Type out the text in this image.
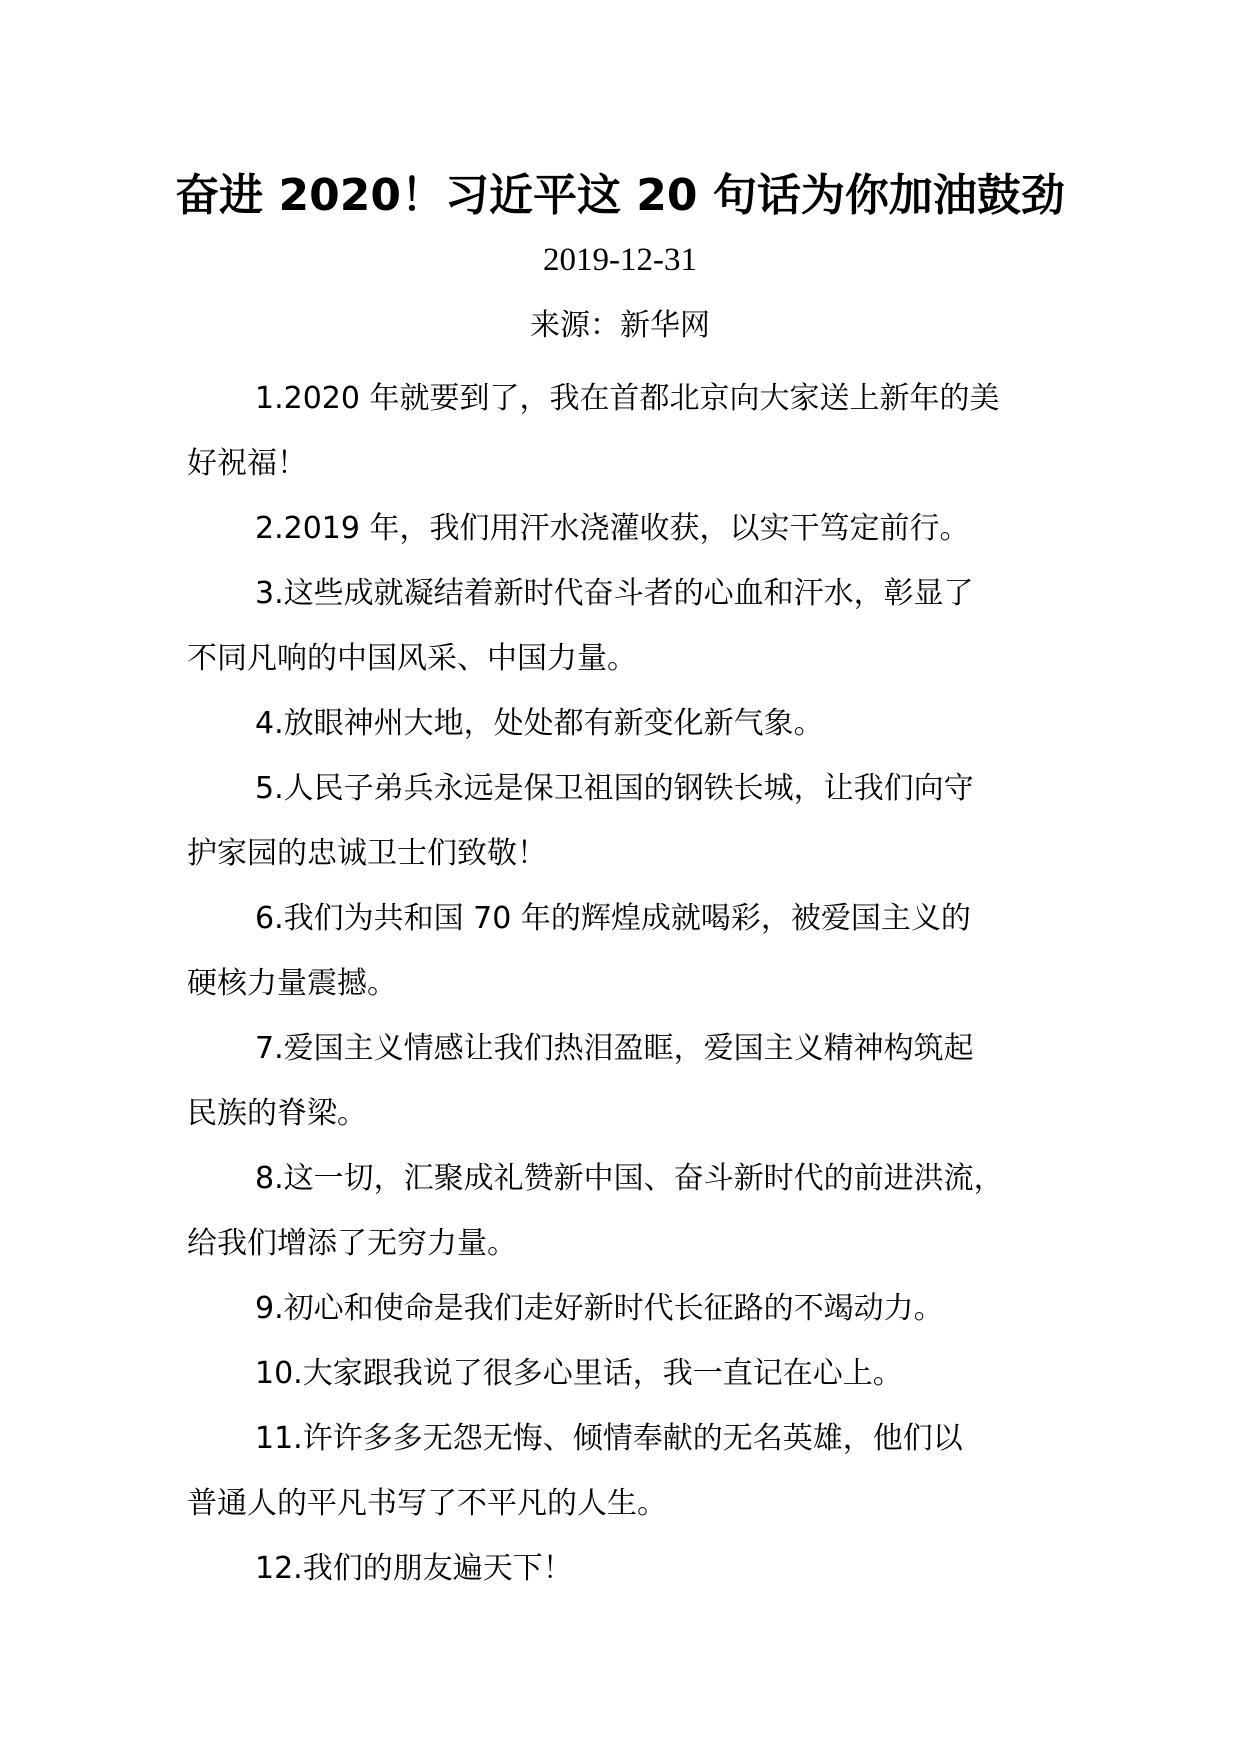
奋进 2020！习近平这 20 句话为你加油鼓劲
2019-12-31
来源：新华网

1.2020 年就要到了，我在首都北京向大家送上新年的美
好祝福！

2.2019 年，我们用汗水浇灌收获，以实干笃定前行。

3.这些成就凝结着新时代奋斗者的心血和汗水，彰显了
不同凡响的中国风采、中国力量。

4.放眼神州大地，处处都有新变化新气象。

5.人民子弟兵永远是保卫祖国的钢铁长城，让我们向守
护家园的忠诚卫士们致敬！

6.我们为共和国 70 年的辉煌成就喝彩，被爱国主义的
硬核力量震撼。

7.爱国主义情感让我们热泪盈眶，爱国主义精神构筑起
民族的脊梁。

8.这一切，汇聚成礼赞新中国、奋斗新时代的前进洪流，
给我们增添了无穷力量。

9.初心和使命是我们走好新时代长征路的不竭动力。

10.大家跟我说了很多心里话，我一直记在心上。

11.许许多多无怨无悔、倾情奉献的无名英雄，他们以
普通人的平凡书写了不平凡的人生。

12.我们的朋友遍天下！
